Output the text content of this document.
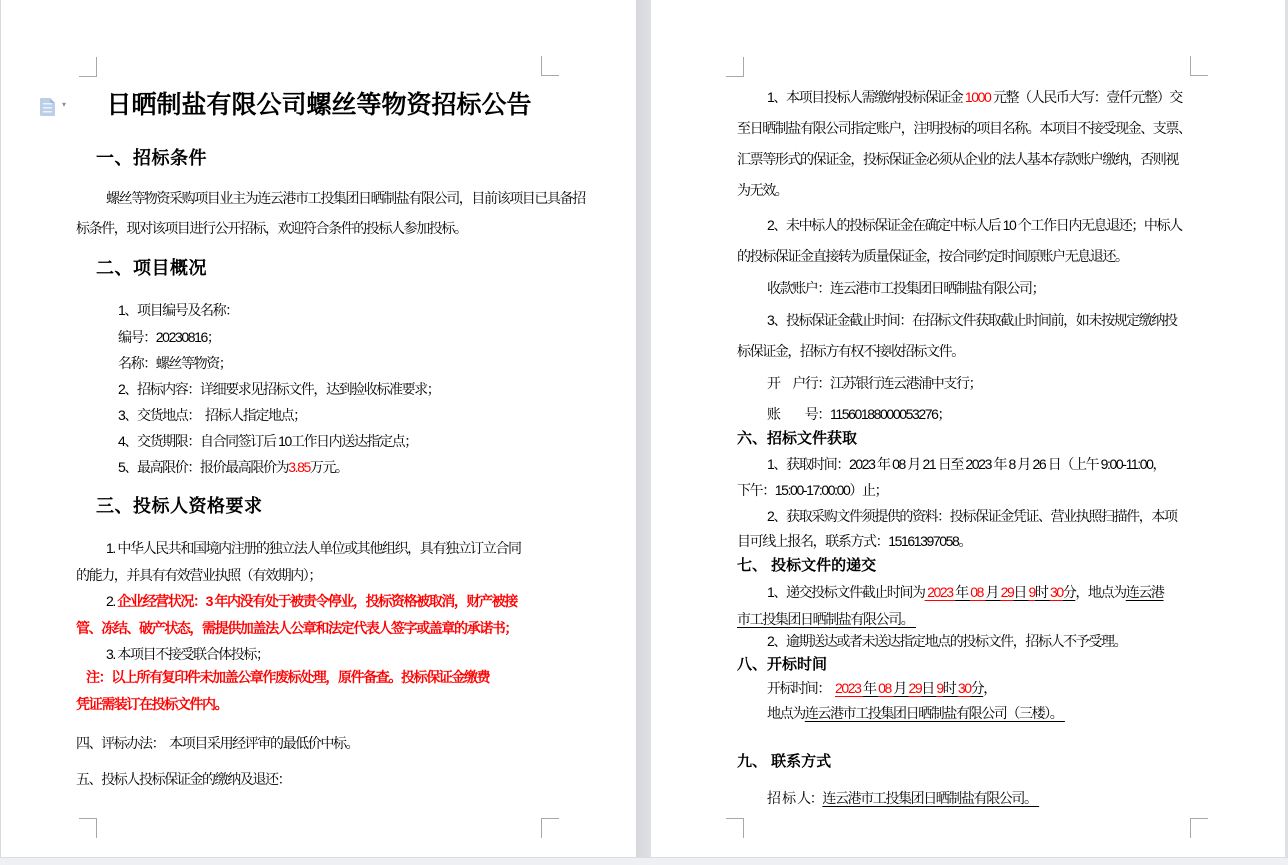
日晒制盐有限公司螺丝等物资招标公告
一、招标条件
螺丝等物资采购项目业主为连云港市工投集团日晒制盐有限公司，目前该项目已具备招
标条件，现对该项目进行公开招标，欢迎符合条件的投标人参加投标。
二、项目概况
1、项目编号及名称：
编号：20230816；
名称：螺丝等物资；
2、招标内容：详细要求见招标文件，达到验收标准要求；
3、交货地点：  招标人指定地点；
4、交货期限：自合同签订后 10工作日内送达指定点；
5、最高限价：报价最高限价为3.85万元。
三、投标人资格要求
1. 中华人民共和国境内注册的独立法人单位或其他组织，具有独立订立合同
的能力，并具有有效营业执照（有效期内）；
2. 企业经营状况：3 年内没有处于被责令停业，投标资格被取消，财产被接
管、冻结、破产状态，需提供加盖法人公章和法定代表人签字或盖章的承诺书；
3. 本项目不接受联合体投标；
注：以上所有复印件未加盖公章作废标处理，原件备查。投标保证金缴费
凭证需装订在投标文件内。
四、评标办法：  本项目采用经评审的最低价中标。
五、投标人投标保证金的缴纳及退还：
1、本项目投标人需缴纳投标保证金 1000 元整（人民币大写：壹仟元整）交
至日晒制盐有限公司指定账户，注明投标的项目名称。本项目不接受现金、支票、
汇票等形式的保证金，投标保证金必须从企业的法人基本存款账户缴纳，否则视
为无效。
2、未中标人的投标保证金在确定中标人后 10 个工作日内无息退还；中标人
的投标保证金直接转为质量保证金，按合同约定时间原账户无息退还。
收款账户：连云港市工投集团日晒制盐有限公司；
3、投标保证金截止时间：在招标文件获取截止时间前，如未按规定缴纳投
标保证金，招标方有权不接收招标文件。
开　户行：江苏银行连云港浦中支行；
账　　号：11560188000053276；
六、招标文件获取
1、获取时间：2023 年 08 月 21 日至 2023 年 8 月 26 日（上午 9:00-11:00，
下午：15:00-17:00:00）止；
2、获取采购文件须提供的资料：投标保证金凭证、营业执照扫描件，本项
目可线上报名，联系方式：15161397058。
七、 投标文件的递交
1、递交投标文件截止时间为 2023 年 08 月 29日 9时 30分，地点为连云港
市工投集团日晒制盐有限公司。
2、逾期送达或者未送达指定地点的投标文件，招标人不予受理。
八、开标时间
开标时间：  2023 年 08 月 29日 9时 30分，
地点为连云港市工投集团日晒制盐有限公司（三楼）。
九、 联系方式
招 标 人：连云港市工投集团日晒制盐有限公司。
▾
